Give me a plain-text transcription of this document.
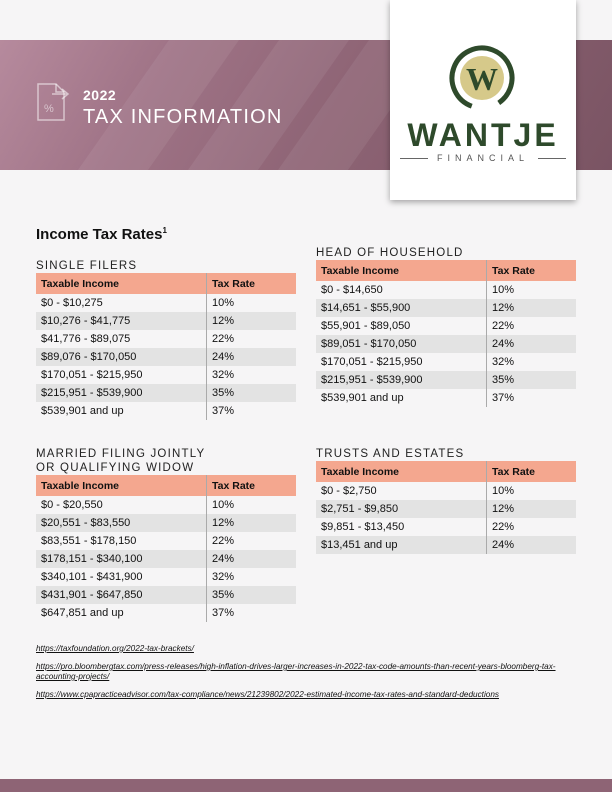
%
2022
TAX INFORMATION
W
WANTJE
FINANCIAL
Income Tax Rates$^1$
SINGLE FILERS
Taxable Income	Tax Rate
$0 - $10,275	10%
$10,276 - $41,775	12%
$41,776 - $89,075	22%
$89,076 - $170,050	24%
$170,051 - $215,950	32%
$215,951 - $539,900	35%
$539,901 and up	37%
HEAD OF HOUSEHOLD
Taxable Income	Tax Rate
$0 - $14,650	10%
$14,651 - $55,900	12%
$55,901 - $89,050	22%
$89,051 - $170,050	24%
$170,051 - $215,950	32%
$215,951 - $539,900	35%
$539,901 and up	37%
MARRIED FILING JOINTLY
OR QUALIFYING WIDOW
Taxable Income	Tax Rate
$0 - $20,550	10%
$20,551 - $83,550	12%
$83,551 - $178,150	22%
$178,151 - $340,100	24%
$340,101 - $431,900	32%
$431,901 - $647,850	35%
$647,851 and up	37%
TRUSTS AND ESTATES
Taxable Income	Tax Rate
$0 - $2,750	10%
$2,751 - $9,850	12%
$9,851 - $13,450	22%
$13,451 and up	24%
https://taxfoundation.org/2022-tax-brackets/
https://pro.bloombergtax.com/press-releases/high-inflation-drives-larger-increases-in-2022-tax-code-amounts-than-recent-years-bloomberg-tax-accounting-projects/
https://www.cpapracticeadvisor.com/tax-compliance/news/21239802/2022-estimated-income-tax-rates-and-standard-deductions
